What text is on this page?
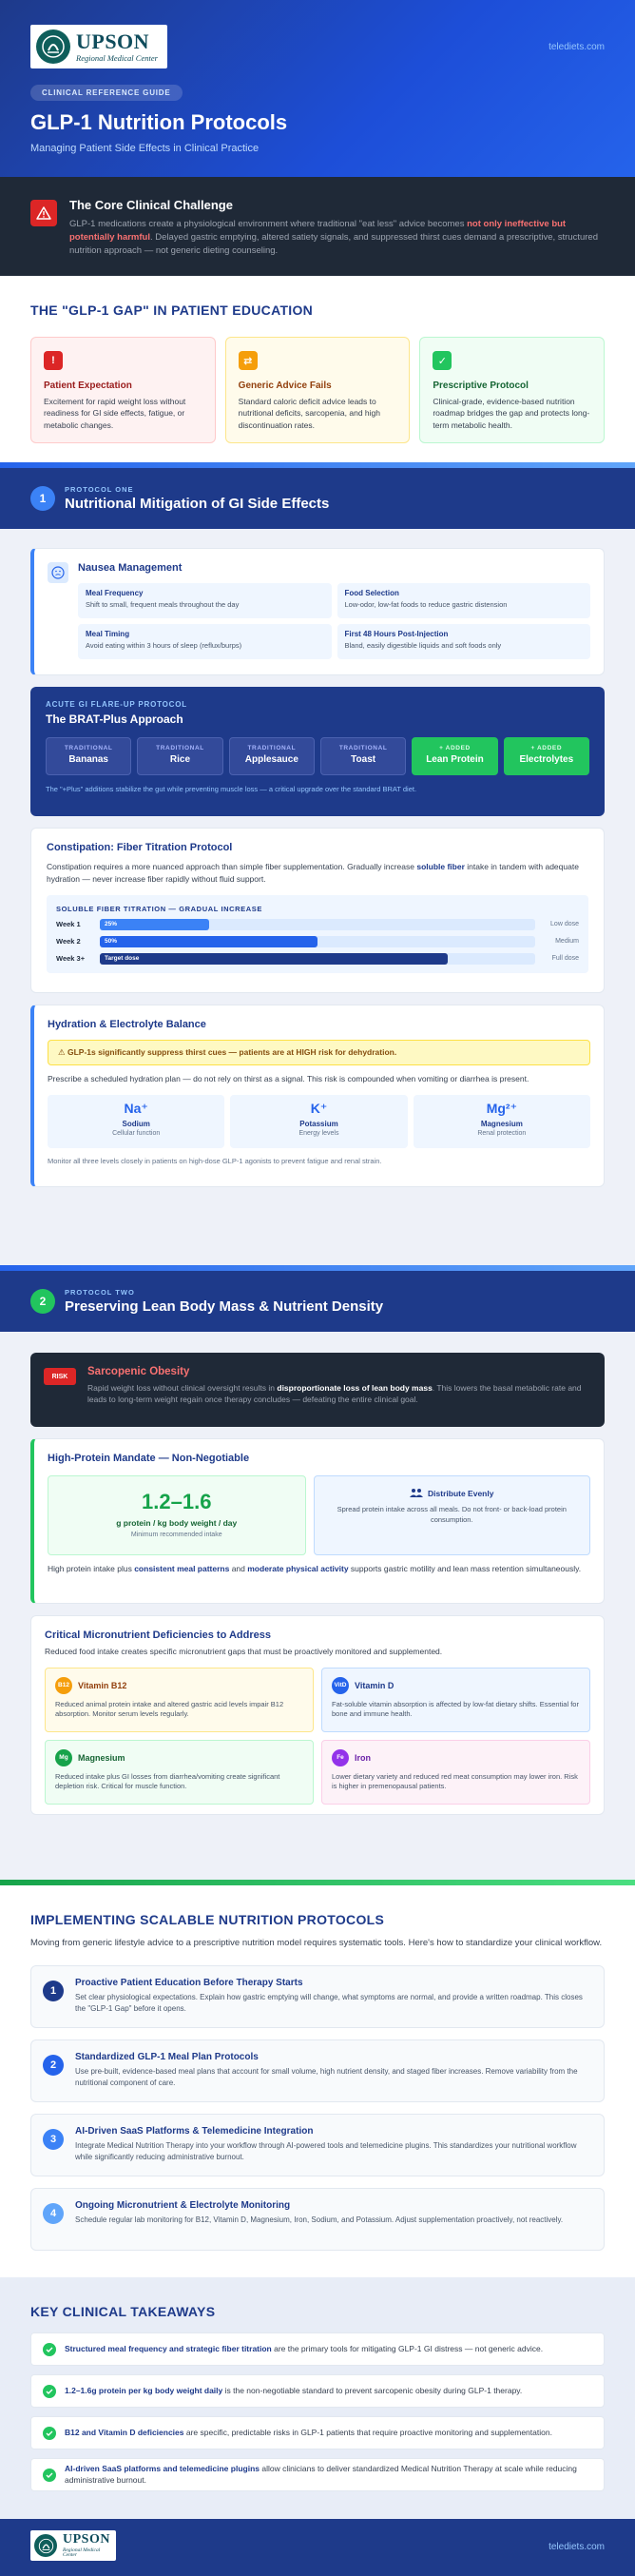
UPSON
Regional Medical Center
telediets.com
CLINICAL REFERENCE GUIDE
GLP-1 Nutrition Protocols
Managing Patient Side Effects in Clinical Practice
The Core Clinical Challenge

GLP-1 medications create a physiological environment where traditional "eat less" advice becomes not only ineffective but potentially harmful. Delayed gastric emptying, altered satiety signals, and suppressed thirst cues demand a prescriptive, structured nutrition approach — not generic dieting counseling.

THE "GLP-1 GAP" IN PATIENT EDUCATION
!
Patient Expectation
Excitement for rapid weight loss without readiness for GI side effects, fatigue, or metabolic changes.
⇄
Generic Advice Fails
Standard caloric deficit advice leads to nutritional deficits, sarcopenia, and high discontinuation rates.
✓
Prescriptive Protocol
Clinical-grade, evidence-based nutrition roadmap bridges the gap and protects long-term metabolic health.
1
PROTOCOL ONE
Nutritional Mitigation of GI Side Effects
Nausea Management
Meal Frequency
Shift to small, frequent meals throughout the day
Food Selection
Low-odor, low-fat foods to reduce gastric distension
Meal Timing
Avoid eating within 3 hours of sleep (reflux/burps)
First 48 Hours Post-Injection
Bland, easily digestible liquids and soft foods only
ACUTE GI FLARE-UP PROTOCOL
The BRAT-Plus Approach
TRADITIONAL
Bananas
TRADITIONAL
Rice
TRADITIONAL
Applesauce
TRADITIONAL
Toast
+ ADDED
Lean Protein
+ ADDED
Electrolytes
The "+Plus" additions stabilize the gut while preventing muscle loss — a critical upgrade over the standard BRAT diet.
Constipation: Fiber Titration Protocol

Constipation requires a more nuanced approach than simple fiber supplementation. Gradually increase soluble fiber intake in tandem with adequate hydration — never increase fiber rapidly without fluid support.

SOLUBLE FIBER TITRATION — GRADUAL INCREASE
Week 1	25%	Low dose
Week 2	50%	Medium
Week 3+	Target dose	Full dose
Hydration & Electrolyte Balance
⚠ GLP-1s significantly suppress thirst cues — patients are at HIGH risk for dehydration.

Prescribe a scheduled hydration plan — do not rely on thirst as a signal. This risk is compounded when vomiting or diarrhea is present.

Na⁺
Sodium
Cellular function
K⁺
Potassium
Energy levels
Mg²⁺
Magnesium
Renal protection
Monitor all three levels closely in patients on high-dose GLP-1 agonists to prevent fatigue and renal strain.
2
PROTOCOL TWO
Preserving Lean Body Mass & Nutrient Density
RISK	Sarcopenic Obesity

Rapid weight loss without clinical oversight results in disproportionate loss of lean body mass. This lowers the basal metabolic rate and leads to long-term weight regain once therapy concludes — defeating the entire clinical goal.

High-Protein Mandate — Non-Negotiable
1.2–1.6
g protein / kg body weight / day
Minimum recommended intake
Distribute Evenly
Spread protein intake across all meals. Do not front- or back-load protein consumption.

High protein intake plus consistent meal patterns and moderate physical activity supports gastric motility and lean mass retention simultaneously.

Critical Micronutrient Deficiencies to Address

Reduced food intake creates specific micronutrient gaps that must be proactively monitored and supplemented.

B12	Vitamin B12
Reduced animal protein intake and altered gastric acid levels impair B12 absorption. Monitor serum levels regularly.
VitD Vitamin D
Fat-soluble vitamin absorption is affected by low-fat dietary shifts. Essential for bone and immune health.
Mg	Magnesium
Reduced intake plus GI losses from diarrhea/vomiting create significant depletion risk. Critical for muscle function.
Fe	Iron
Lower dietary variety and reduced red meat consumption may lower iron. Risk is higher in premenopausal patients.
IMPLEMENTING SCALABLE NUTRITION PROTOCOLS

Moving from generic lifestyle advice to a prescriptive nutrition model requires systematic tools. Here's how to standardize your clinical workflow.

1
Proactive Patient Education Before Therapy Starts
Set clear physiological expectations. Explain how gastric emptying will change, what symptoms are normal, and provide a written roadmap. This closes the "GLP-1 Gap" before it opens.
2
Standardized GLP-1 Meal Plan Protocols
Use pre-built, evidence-based meal plans that account for small volume, high nutrient density, and staged fiber increases. Remove variability from the nutritional component of care.
3
AI-Driven SaaS Platforms & Telemedicine Integration
Integrate Medical Nutrition Therapy into your workflow through AI-powered tools and telemedicine plugins. This standardizes your nutritional workflow while significantly reducing administrative burnout.
4
Ongoing Micronutrient & Electrolyte Monitoring
Schedule regular lab monitoring for B12, Vitamin D, Magnesium, Iron, Sodium, and Potassium. Adjust supplementation proactively, not reactively.
KEY CLINICAL TAKEAWAYS
Structured meal frequency and strategic fiber titration are the primary tools for mitigating GLP-1 GI distress — not generic advice.
1.2–1.6g protein per kg body weight daily is the non-negotiable standard to prevent sarcopenic obesity during GLP-1 therapy.
B12 and Vitamin D deficiencies are specific, predictable risks in GLP-1 patients that require proactive monitoring and supplementation.
AI-driven SaaS platforms and telemedicine plugins allow clinicians to deliver standardized Medical Nutrition Therapy at scale while reducing administrative burnout.
UPSON
Regional Medical Center
telediets.com
